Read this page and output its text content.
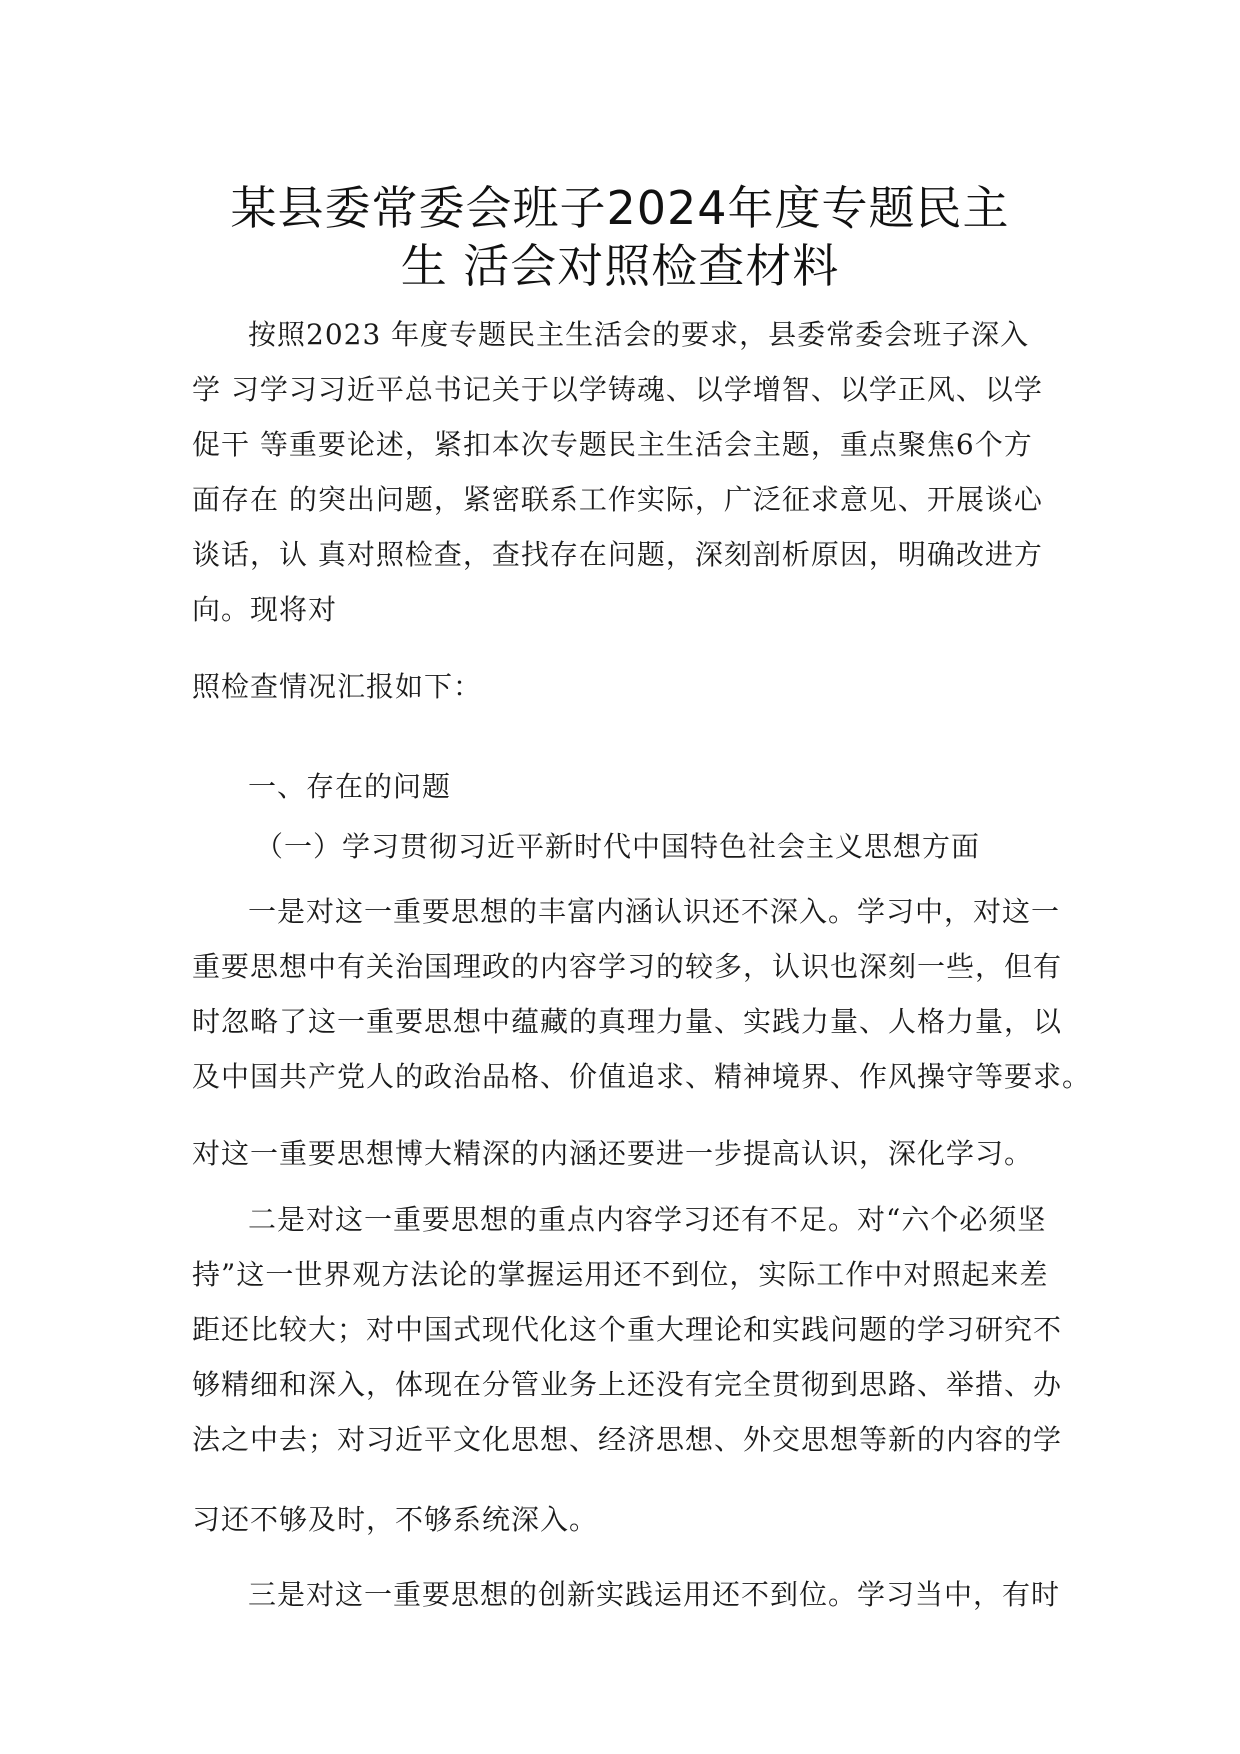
某县委常委会班子2024年度专题民主
生 活会对照检查材料

按照2023 年度专题民主生活会的要求，县委常委会班子深入

学 习学习习近平总书记关于以学铸魂、以学增智、以学正风、以学

促干 等重要论述，紧扣本次专题民主生活会主题，重点聚焦6个方

面存在 的突出问题，紧密联系工作实际，广泛征求意见、开展谈心

谈话，认 真对照检查，查找存在问题，深刻剖析原因，明确改进方

向。现将对

照检查情况汇报如下：

一、存在的问题

（一）学习贯彻习近平新时代中国特色社会主义思想方面

一是对这一重要思想的丰富内涵认识还不深入。学习中，对这一

重要思想中有关治国理政的内容学习的较多，认识也深刻一些，但有

时忽略了这一重要思想中蕴藏的真理力量、实践力量、人格力量，以

及中国共产党人的政治品格、价值追求、精神境界、作风操守等要求。

对这一重要思想博大精深的内涵还要进一步提高认识，深化学习。

二是对这一重要思想的重点内容学习还有不足。对“六个必须坚

持”这一世界观方法论的掌握运用还不到位，实际工作中对照起来差

距还比较大；对中国式现代化这个重大理论和实践问题的学习研究不

够精细和深入，体现在分管业务上还没有完全贯彻到思路、举措、办

法之中去；对习近平文化思想、经济思想、外交思想等新的内容的学

习还不够及时，不够系统深入。

三是对这一重要思想的创新实践运用还不到位。学习当中，有时
